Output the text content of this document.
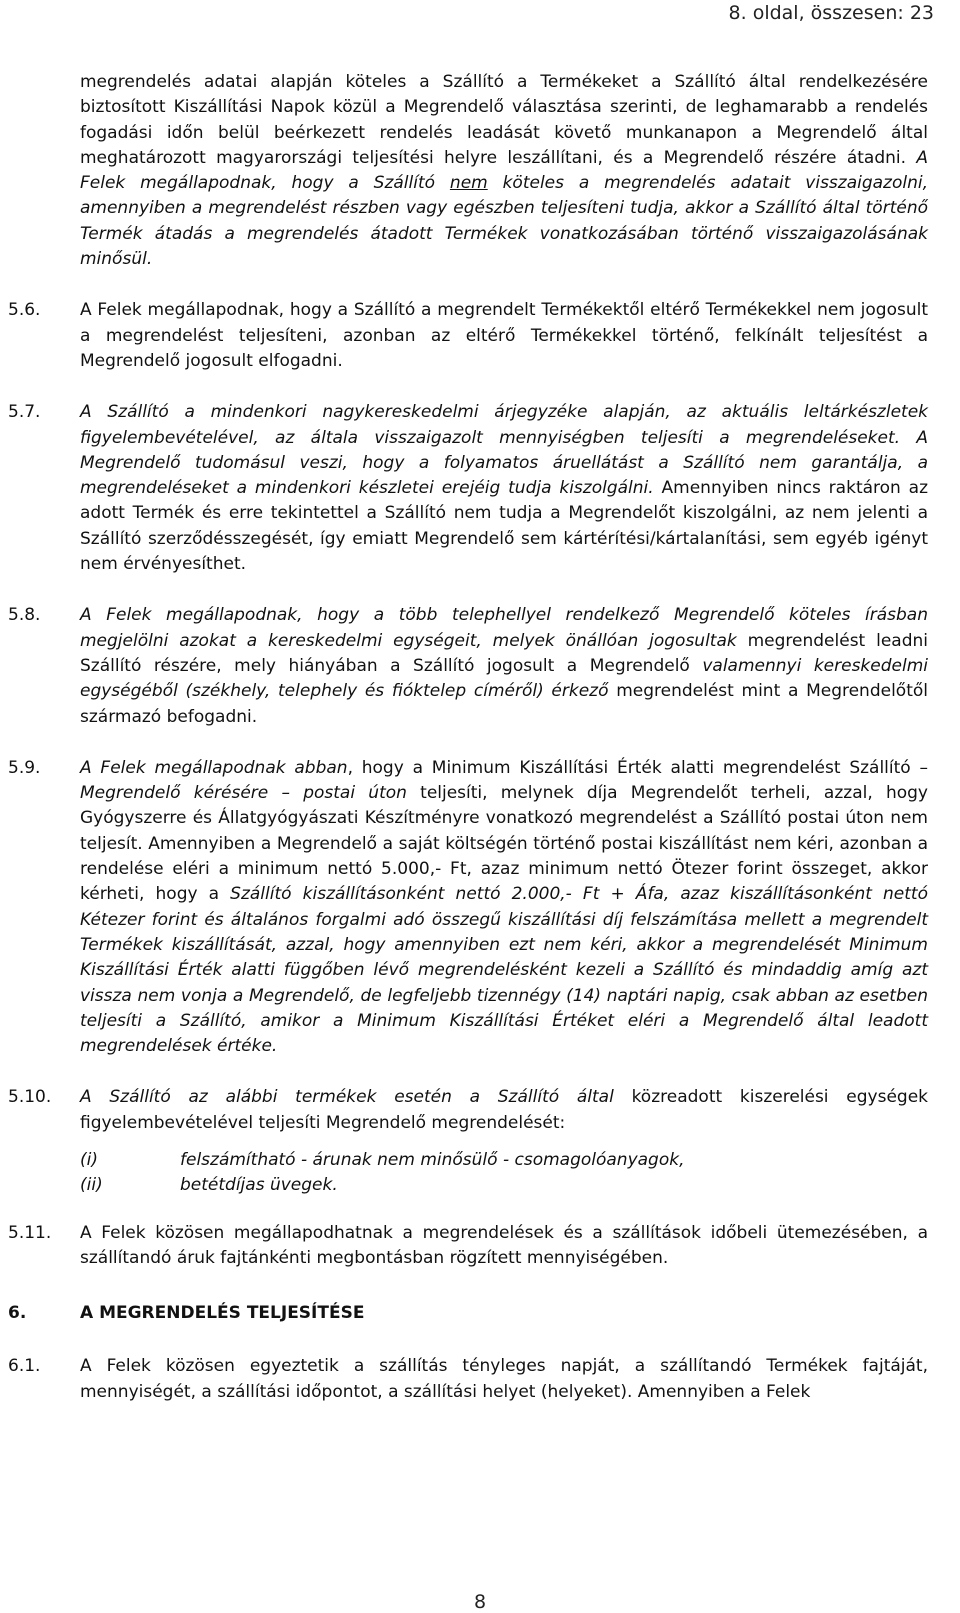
8. oldal, összesen: 23

megrendelés adatai alapján köteles a Szállító a Termékeket a Szállító által rendelkezésére biztosított Kiszállítási Napok közül a Megrendelő választása szerinti, de leghamarabb a rendelés fogadási időn belül beérkezett rendelés leadását követő munkanapon a Megrendelő által meghatározott magyarországi teljesítési helyre leszállítani, és a Megrendelő részére átadni. A Felek megállapodnak, hogy a Szállító nem köteles a megrendelés adatait visszaigazolni, amennyiben a megrendelést részben vagy egészben teljesíteni tudja, akkor a Szállító által történő Termék átadás a megrendelés átadott Termékek vonatkozásában történő visszaigazolásának minősül.

5.6.	A Felek megállapodnak, hogy a Szállító a megrendelt Termékektől eltérő Termékekkel nem jogosult a megrendelést teljesíteni, azonban az eltérő Termékekkel történő, felkínált teljesítést a Megrendelő jogosult elfogadni.

5.7.	A Szállító a mindenkori nagykereskedelmi árjegyzéke alapján, az aktuális leltárkészletek figyelembevételével, az általa visszaigazolt mennyiségben teljesíti a megrendeléseket. A Megrendelő tudomásul veszi, hogy a folyamatos áruellátást a Szállító nem garantálja, a megrendeléseket a mindenkori készletei erejéig tudja kiszolgálni. Amennyiben nincs raktáron az adott Termék és erre tekintettel a Szállító nem tudja a Megrendelőt kiszolgálni, az nem jelenti a Szállító szerződésszegését, így emiatt Megrendelő sem kártérítési/kártalanítási, sem egyéb igényt nem érvényesíthet.

5.8.	A Felek megállapodnak, hogy a több telephellyel rendelkező Megrendelő köteles írásban megjelölni azokat a kereskedelmi egységeit, melyek önállóan jogosultak megrendelést leadni Szállító részére, mely hiányában a Szállító jogosult a Megrendelő valamennyi kereskedelmi egységéből (székhely, telephely és fióktelep címéről) érkező megrendelést mint a Megrendelőtől származó befogadni.

5.9.	A Felek megállapodnak abban, hogy a Minimum Kiszállítási Érték alatti megrendelést Szállító – Megrendelő kérésére – postai úton teljesíti, melynek díja Megrendelőt terheli, azzal, hogy Gyógyszerre és Állatgyógyászati Készítményre vonatkozó megrendelést a Szállító postai úton nem teljesít. Amennyiben a Megrendelő a saját költségén történő postai kiszállítást nem kéri, azonban a rendelése eléri a minimum nettó 5.000,- Ft, azaz minimum nettó Ötezer forint összeget, akkor kérheti, hogy a Szállító kiszállításonként nettó 2.000,- Ft + Áfa, azaz kiszállításonként nettó Kétezer forint és általános forgalmi adó összegű kiszállítási díj felszámítása mellett a megrendelt Termékek kiszállítását, azzal, hogy amennyiben ezt nem kéri, akkor a megrendelését Minimum Kiszállítási Érték alatti függőben lévő megrendelésként kezeli a Szállító és mindaddig amíg azt vissza nem vonja a Megrendelő, de legfeljebb tizennégy (14) naptári napig, csak abban az esetben teljesíti a Szállító, amikor a Minimum Kiszállítási Értéket eléri a Megrendelő által leadott megrendelések értéke.

5.10.	A Szállító az alábbi termékek esetén a Szállító által közreadott kiszerelési egységek figyelembevételével teljesíti Megrendelő megrendelését:

(i)	felszámítható - árunak nem minősülő - csomagolóanyagok,
(ii)	betétdíjas üvegek.
5.11.	A Felek közösen megállapodhatnak a megrendelések és a szállítások időbeli ütemezésében, a szállítandó áruk fajtánkénti megbontásban rögzített mennyiségében.

6.	A MEGRENDELÉS TELJESÍTÉSE
6.1.	A Felek közösen egyeztetik a szállítás tényleges napját, a szállítandó Termékek fajtáját, mennyiségét, a szállítási időpontot, a szállítási helyet (helyeket). Amennyiben a Felek

8
